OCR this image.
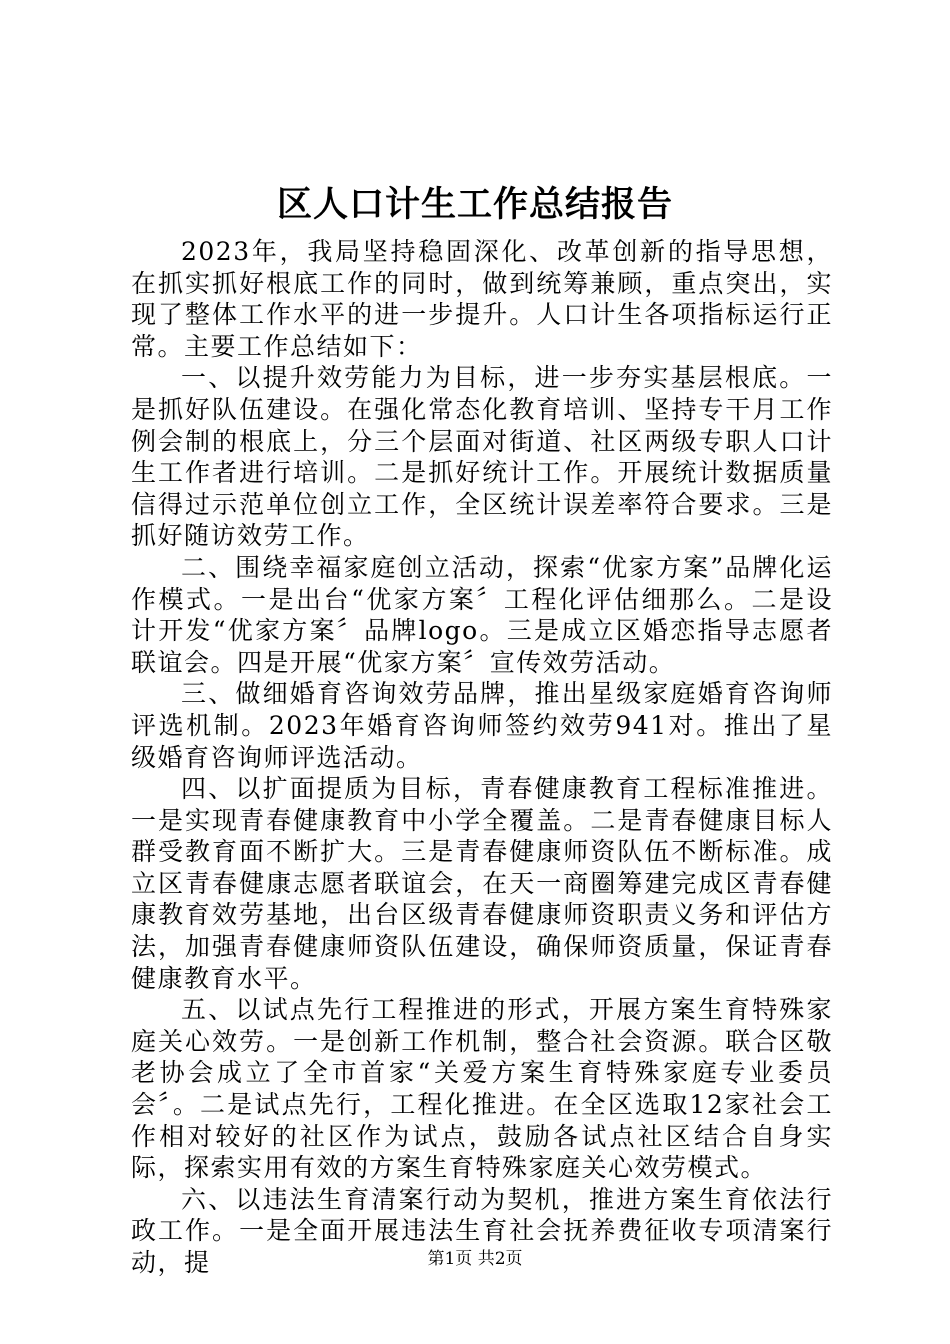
区人口计生工作总结报告

2023年，我局坚持稳固深化、改革创新的指导思想，在抓实抓好根底工作的同时，做到统筹兼顾，重点突出，实现了整体工作水平的进一步提升。人口计生各项指标运行正常。主要工作总结如下：

一、以提升效劳能力为目标，进一步夯实基层根底。一是抓好队伍建设。在强化常态化教育培训、坚持专干月工作例会制的根底上，分三个层面对街道、社区两级专职人口计生工作者进行培训。二是抓好统计工作。开展统计数据质量信得过示范单位创立工作，全区统计误差率符合要求。三是抓好随访效劳工作。

二、围绕幸福家庭创立活动，探索“优家方案”品牌化运作模式。一是出台“优家方案〞工程化评估细那么。二是设计开发“优家方案〞品牌logo。三是成立区婚恋指导志愿者联谊会。四是开展“优家方案〞宣传效劳活动。

三、做细婚育咨询效劳品牌，推出星级家庭婚育咨询师评选机制。2023年婚育咨询师签约效劳941对。推出了星级婚育咨询师评选活动。

四、以扩面提质为目标，青春健康教育工程标准推进。一是实现青春健康教育中小学全覆盖。二是青春健康目标人群受教育面不断扩大。三是青春健康师资队伍不断标准。成立区青春健康志愿者联谊会，在天一商圈筹建完成区青春健康教育效劳基地，出台区级青春健康师资职责义务和评估方法，加强青春健康师资队伍建设，确保师资质量，保证青春健康教育水平。

五、以试点先行工程推进的形式，开展方案生育特殊家庭关心效劳。一是创新工作机制，整合社会资源。联合区敬老协会成立了全市首家“关爱方案生育特殊家庭专业委员会〞。二是试点先行，工程化推进。在全区选取12家社会工作相对较好的社区作为试点，鼓励各试点社区结合自身实际，探索实用有效的方案生育特殊家庭关心效劳模式。

六、以违法生育清案行动为契机，推进方案生育依法行政工作。一是全面开展违法生育社会抚养费征收专项清案行动，提	第1页 共2页
